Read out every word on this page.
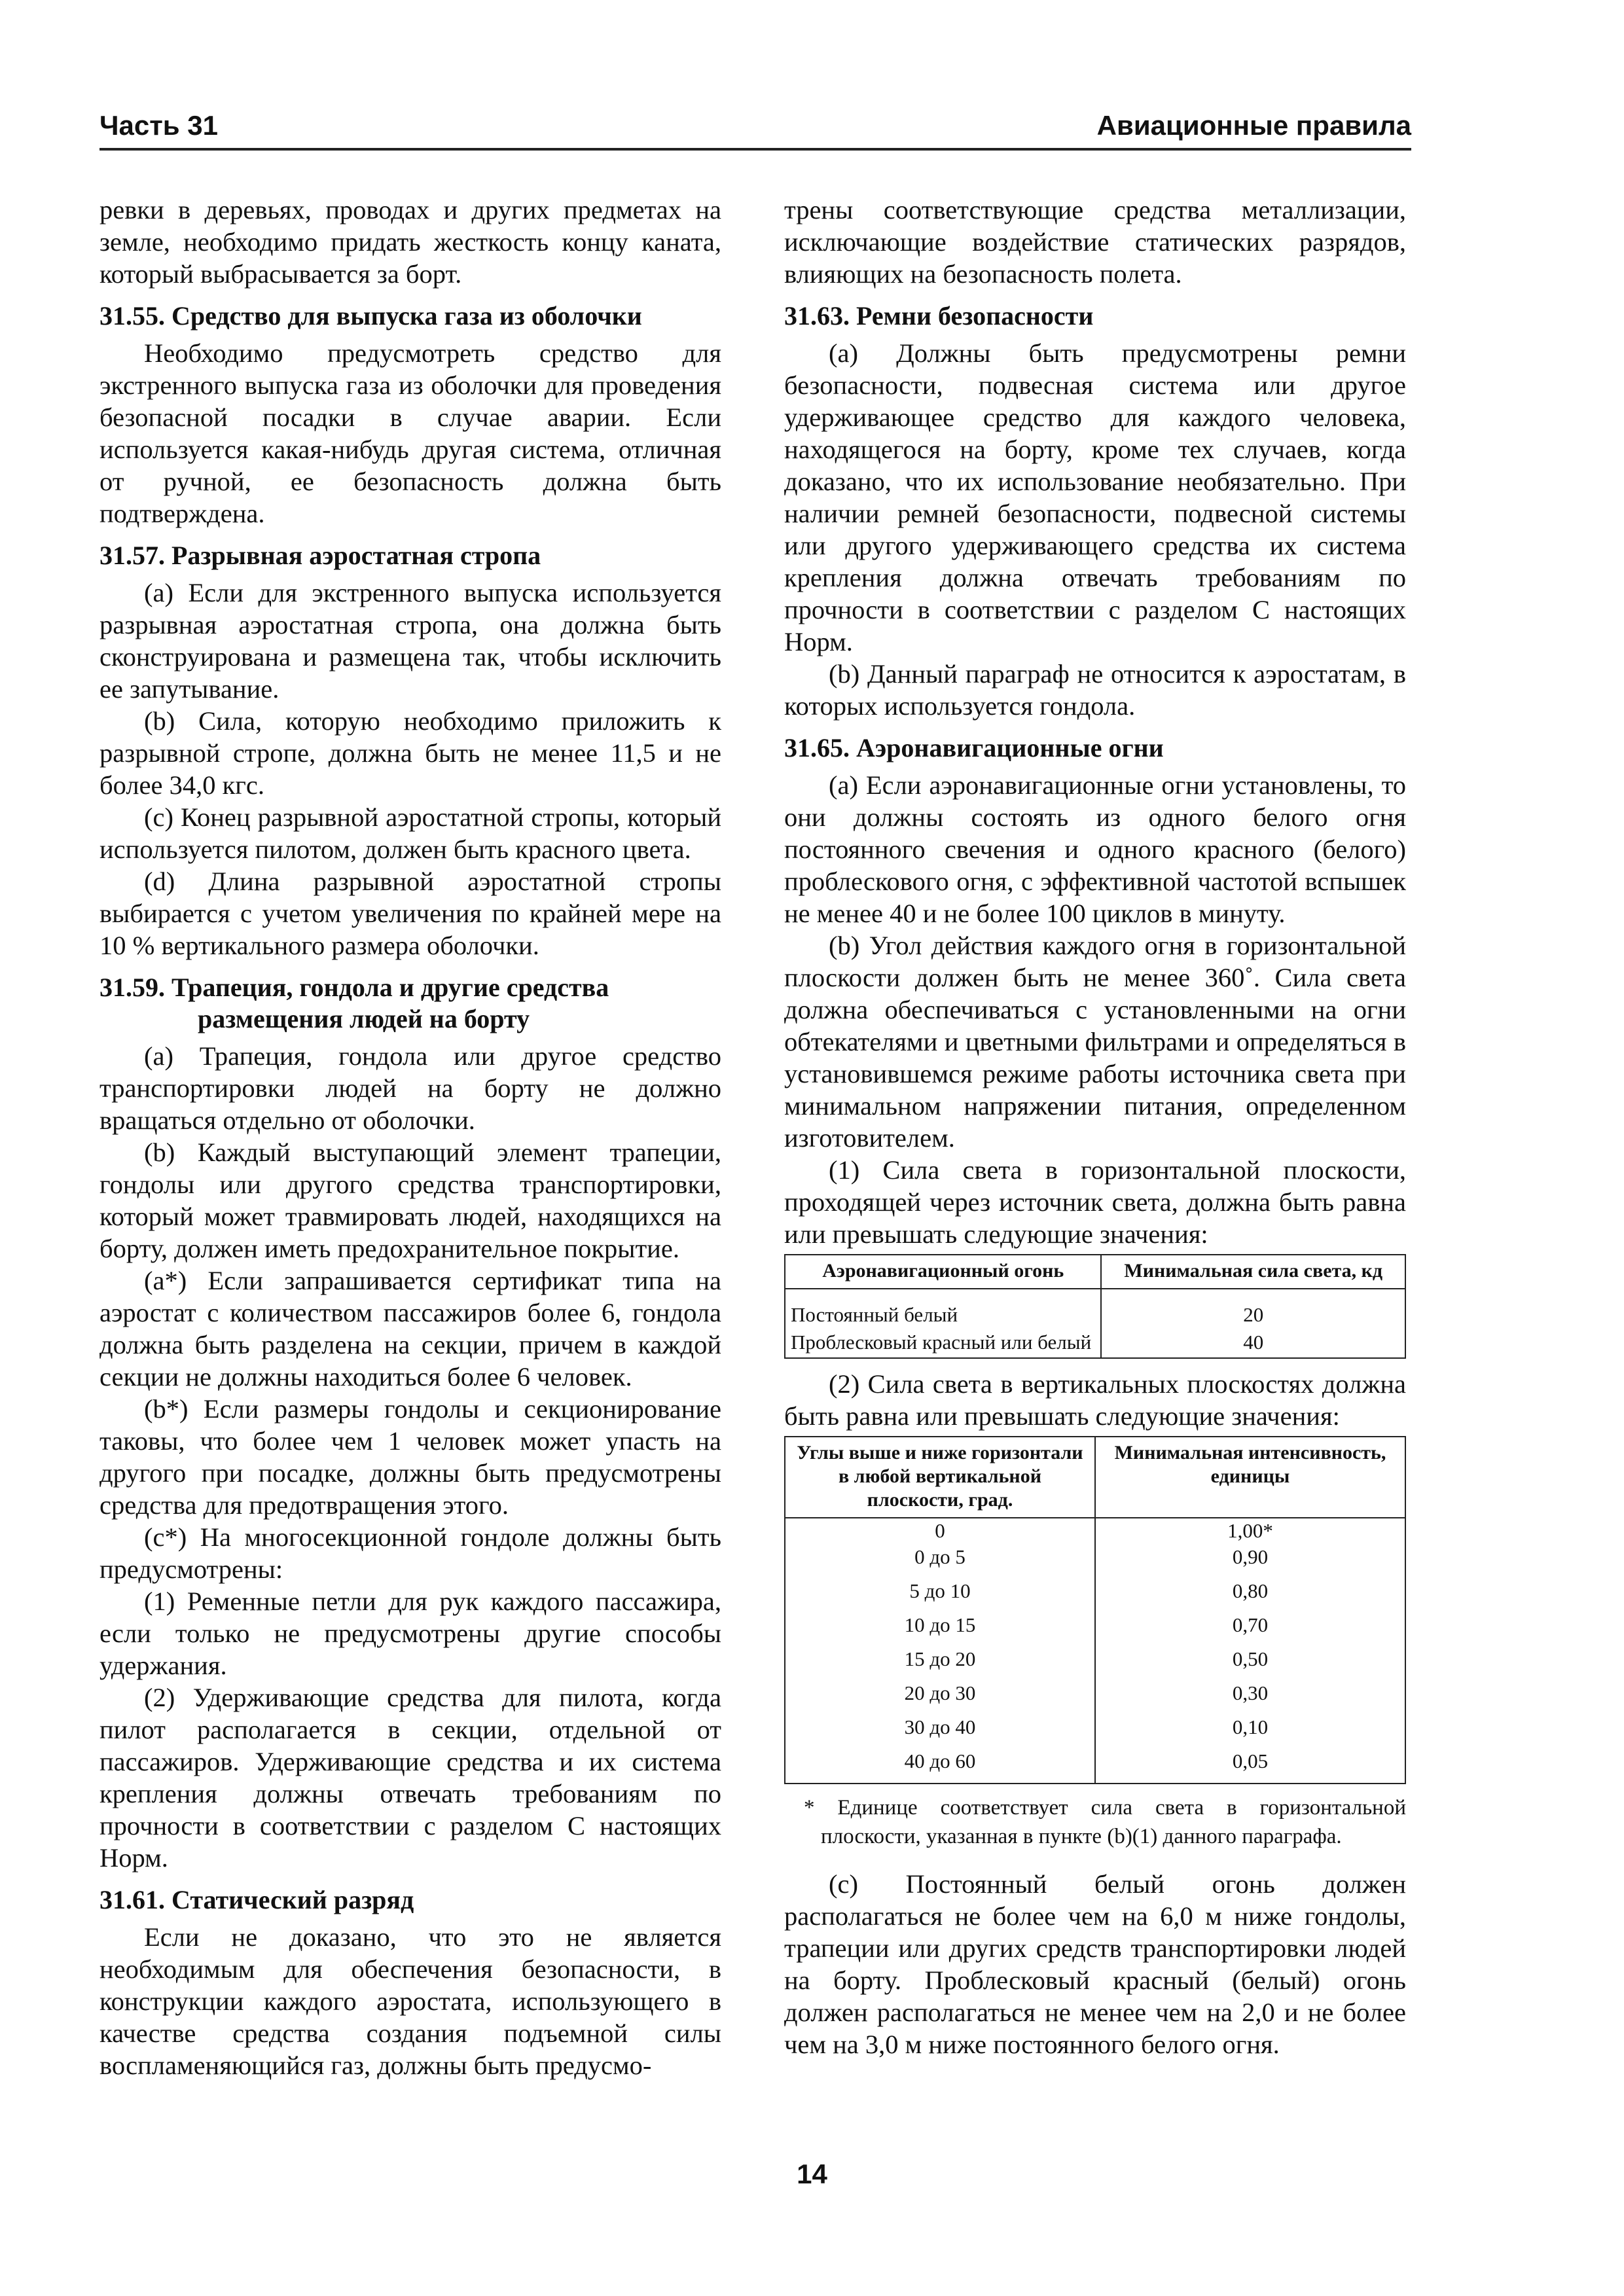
Часть 31	Авиационные правила

ревки в деревьях, проводах и других предметах на земле, необходимо придать жесткость концу каната, который выбрасывается за борт.

31.55. Средство для выпуска газа из оболочки

Необходимо предусмотреть средство для экстренного выпуска газа из оболочки для проведения безопасной посадки в случае аварии. Если используется какая-нибудь другая система, отличная от ручной, ее безопасность должна быть подтверждена.

31.57. Разрывная аэростатная стропа

(а) Если для экстренного выпуска используется разрывная аэростатная стропа, она должна быть сконструирована и размещена так, чтобы исключить ее запутывание.

(b) Сила, которую необходимо приложить к разрывной стропе, должна быть не менее 11,5 и не более 34,0 кгс.

(с) Конец разрывной аэростатной стропы, который используется пилотом, должен быть красного цвета.

(d) Длина разрывной аэростатной стропы выбирается с учетом увеличения по крайней мере на 10 % вертикального размера оболочки.

31.59. Трапеция, гондола и другие средства размещения людей на борту

(а) Трапеция, гондола или другое средство транспортировки людей на борту не должно вращаться отдельно от оболочки.

(b) Каждый выступающий элемент трапеции, гондолы или другого средства транспортировки, который может травмировать людей, находящихся на борту, должен иметь предохранительное покрытие.

(a*) Если запрашивается сертификат типа на аэростат с количеством пассажиров более 6, гондола должна быть разделена на секции, причем в каждой секции не должны находиться более 6 человек.

(b*) Если размеры гондолы и секционирование таковы, что более чем 1 человек может упасть на другого при посадке, должны быть предусмотрены средства для предотвращения этого.

(c*) На многосекционной гондоле должны быть предусмотрены:

(1) Ременные петли для рук каждого пассажира, если только не предусмотрены другие способы удержания.

(2) Удерживающие средства для пилота, когда пилот располагается в секции, отдельной от пассажиров. Удерживающие средства и их система крепления должны отвечать требованиям по прочности в соответствии с разделом С настоящих Норм.

31.61. Статический разряд

Если не доказано, что это не является необходимым для обеспечения безопасности, в конструкции каждого аэростата, использующего в качестве средства создания подъемной силы воспламеняющийся газ, должны быть предусмо-

трены соответствующие средства металлизации, исключающие воздействие статических разрядов, влияющих на безопасность полета.

31.63. Ремни безопасности

(а) Должны быть предусмотрены ремни безопасности, подвесная система или другое удерживающее средство для каждого человека, находящегося на борту, кроме тех случаев, когда доказано, что их использование необязательно. При наличии ремней безопасности, подвесной системы или другого удерживающего средства их система крепления должна отвечать требованиям по прочности в соответствии с разделом С настоящих Норм.

(b) Данный параграф не относится к аэростатам, в которых используется гондола.

31.65. Аэронавигационные огни

(а) Если аэронавигационные огни установлены, то они должны состоять из одного белого огня постоянного свечения и одного красного (белого) проблескового огня, с эффективной частотой вспышек не менее 40 и не более 100 циклов в минуту.

(b) Угол действия каждого огня в горизонтальной плоскости должен быть не менее 360˚. Сила света должна обеспечиваться с установленными на огни обтекателями и цветными фильтрами и определяться в установившемся режиме работы источника света при минимальном напряжении питания, определенном изготовителем.

(1) Сила света в горизонтальной плоскости, проходящей через источник света, должна быть равна или превышать следующие значения:

Аэронавигационный огонь	Минимальная сила света, кд
Постоянный белый	20
Проблесковый красный или белый	40

(2) Сила света в вертикальных плоскостях должна быть равна или превышать следующие значения:

Углы выше и ниже горизонтали в любой вертикальной плоскости, град.	Минимальная интенсивность, единицы
0	1,00*
0 до 5	0,90
5 до 10	0,80
10 до 15	0,70
15 до 20	0,50
20 до 30	0,30
30 до 40	0,10
40 до 60	0,05
* Единице соответствует сила света в горизонтальной плоскости, указанная в пункте (b)(1) данного параграфа.

(с) Постоянный белый огонь должен располагаться не более чем на 6,0 м ниже гондолы, трапеции или других средств транспортировки людей на борту. Проблесковый красный (белый) огонь должен располагаться не менее чем на 2,0 и не более чем на 3,0 м ниже постоянного белого огня.

14
